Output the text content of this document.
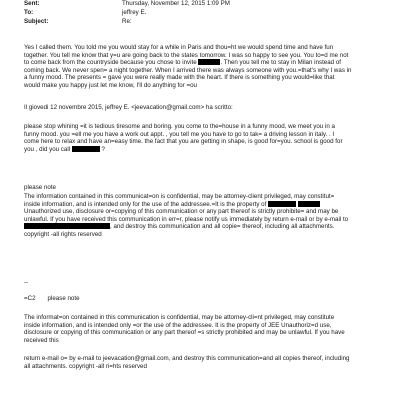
Sent:	Thursday, November 12, 2015 1:09 PM
To:	jeffrey E.
Subject:	Re:
Yes I called them. You told me you would stay for a while in Paris and thou=ht we would spend time and have fun
together. You tell me know that y=u are going back to the states tomorrow. I was so happy to see you. You to=d me not
to come back from the countryside because you chose to invite	. Then you tell me to stay in Milan instead of
coming back. We never spen= a night together. When I arrived there was always someone with you.=that's why I was in
a funny mood. The presents = gave you were really made with the heart. If there is something you would=like that
would make you happy just let me know, I'll do anything for =ou
Il giovedi 12 novembre 2015, jeffrey E. <jeevacation@gmail.com> ha scritto:
please stop whining =it is tedious tiresome and boring. you come to the=house in a funny mood, we meet you in a
funny mood. you =ell me you have a work out appt. , you tell me you have to go to tak= a driving lesson in italy. . I
come here to relax and have an=easy time. the fact that you are getting in shape, is good for=you. school is good for
you , did you call	?
please note
The information contained in this communicat=on is confidential, may be attorney-client privileged, may constitut=
inside information, and is intended only for the use of the addressee.=It is the property of
Unauthorized use, disclosure or=copying of this communication or any part thereof is strictly prohibite= and may be
unlawful. If you have received this communication in err=r, please notify us immediately by return e-mail or by e-mail to
, and destroy this communication and all copie= thereof, including all attachments.
copyright -all rights reserved
--
=C2 please note
The informat=on contained in this communication is confidential, may be attorney-cli=nt privileged, may constitute
inside information, and is intended only =or the use of the addressee. It is the property of JEE Unauthoriz=d use,
disclosure or copying of this communication or any part thereof =s strictly prohibited and may be unlawful. If you have
received this
return e-mail o= by e-mail to jeevacation@gmail.com, and destroy this communication=and all copies thereof, including
all attachments. copyright -all ri=hts reserved
